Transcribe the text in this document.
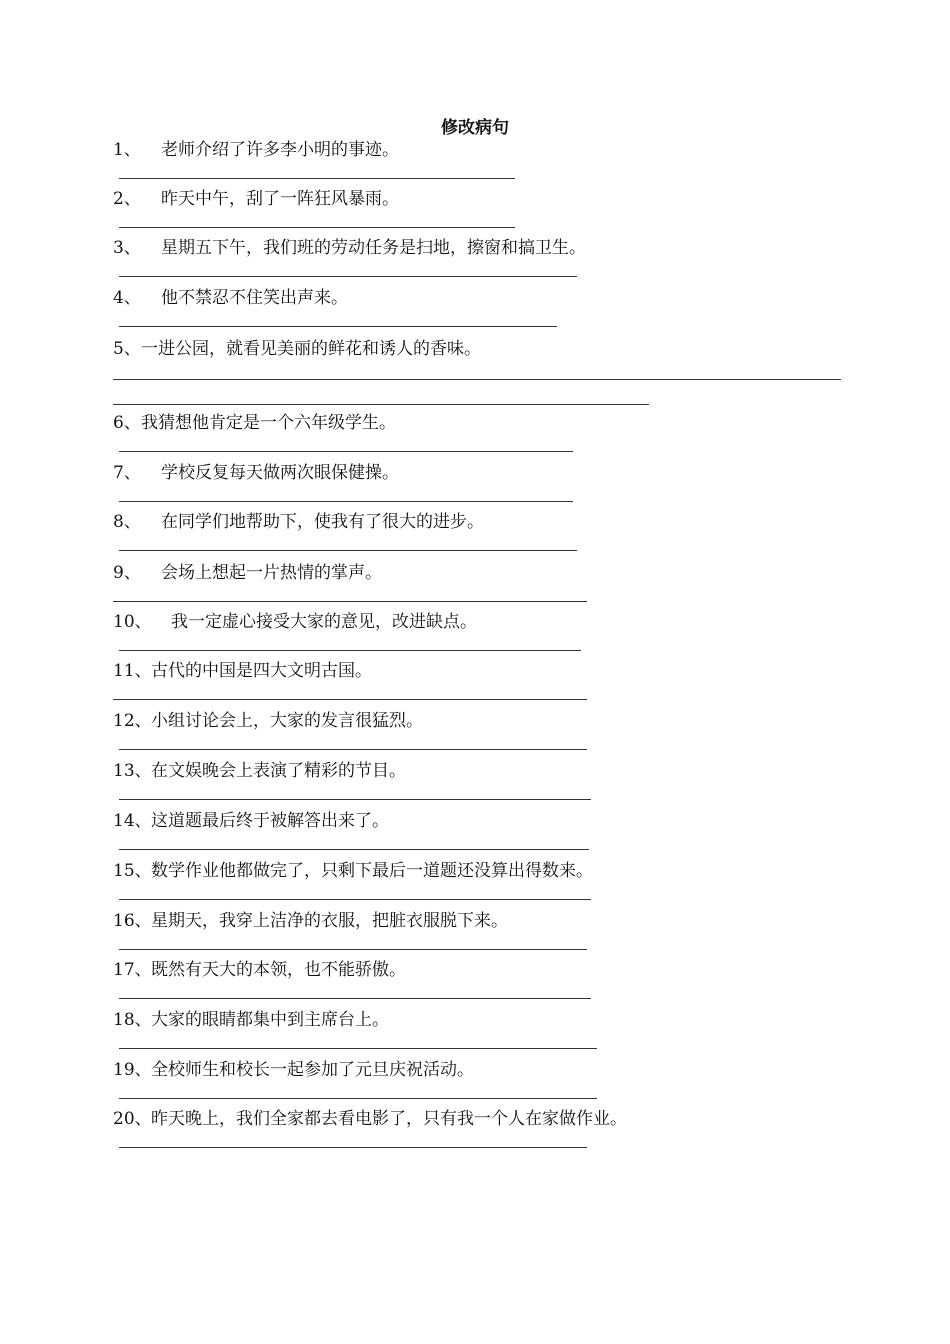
修改病句
1、 老师介绍了许多李小明的事迹。
2、 昨天中午，刮了一阵狂风暴雨。
3、 星期五下午，我们班的劳动任务是扫地，擦窗和搞卫生。
4、 他不禁忍不住笑出声来。
5、一进公园，就看见美丽的鲜花和诱人的香味。
6、我猜想他肯定是一个六年级学生。
7、 学校反复每天做两次眼保健操。
8、 在同学们地帮助下，使我有了很大的进步。
9、 会场上想起一片热情的掌声。
10、 我一定虚心接受大家的意见，改进缺点。
11、古代的中国是四大文明古国。
12、小组讨论会上，大家的发言很猛烈。
13、在文娱晚会上表演了精彩的节目。
14、这道题最后终于被解答出来了。
15、数学作业他都做完了，只剩下最后一道题还没算出得数来。
16、星期天，我穿上洁净的衣服，把脏衣服脱下来。
17、既然有天大的本领，也不能骄傲。
18、大家的眼睛都集中到主席台上。
19、全校师生和校长一起参加了元旦庆祝活动。
20、昨天晚上，我们全家都去看电影了，只有我一个人在家做作业。
